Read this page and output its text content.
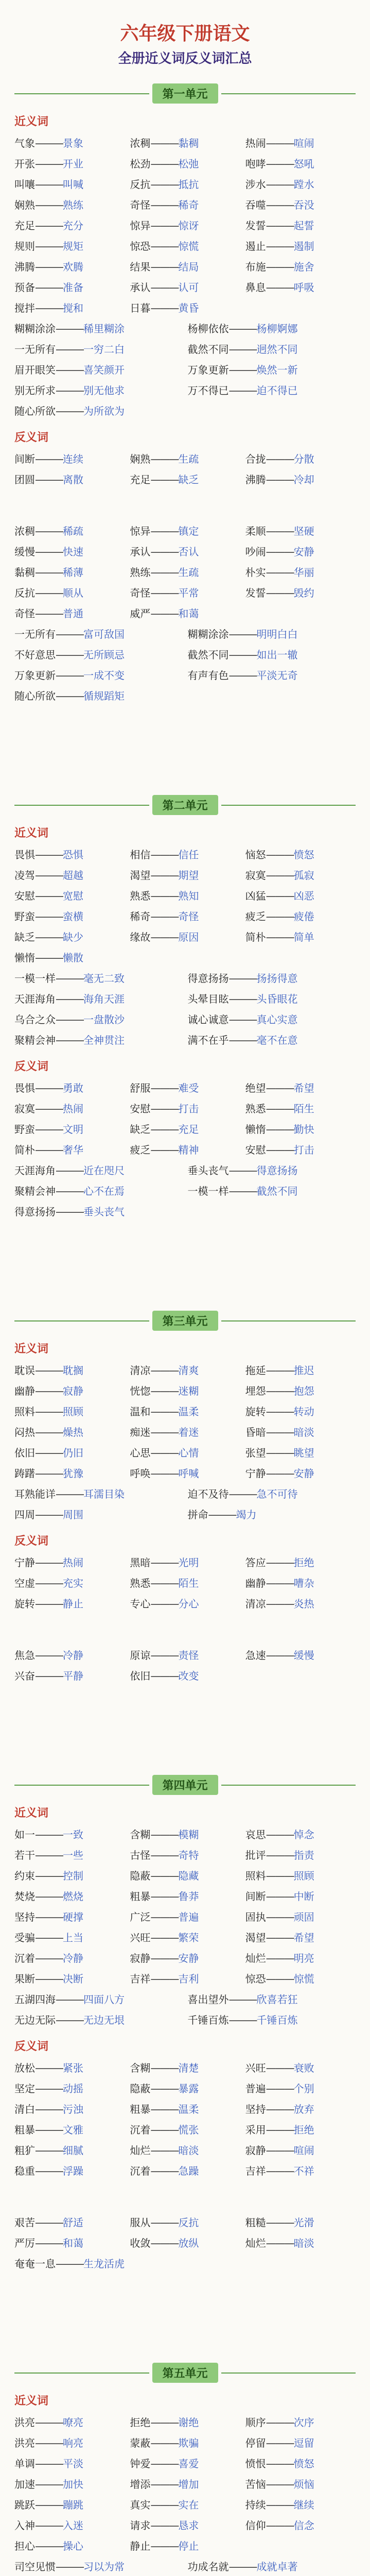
六年级下册语文
全册近义词反义词汇总
第一单元
近义词
气象———景象	浓稠———黏稠	热闹———喧闹
开张———开业	松劲———松弛	咆哮———怒吼
叫嚷———叫喊	反抗———抵抗	涉水———蹚水
娴熟———熟练	奇怪———稀奇	吞噬———吞没
充足———充分	惊异———惊讶	发誓———起誓
规则———规矩	惊恐———惊慌	遏止———遏制
沸腾———欢腾	结果———结局	布施———施舍
预备———准备	承认———认可	鼻息———呼吸
搅拌———搅和	日暮———黄昏
糊糊涂涂———稀里糊涂	杨柳依依———杨柳婀娜
一无所有———一穷二白	截然不同———迥然不同
眉开眼笑———喜笑颜开	万象更新———焕然一新
别无所求———别无他求	万不得已———迫不得已
随心所欲———为所欲为
反义词
间断———连续	娴熟———生疏	合拢———分散
团圆———离散	充足———缺乏	沸腾———冷却
浓稠———稀疏	惊异———镇定	柔顺———坚硬
缓慢———快速	承认———否认	吵闹———安静
黏稠———稀薄	熟练———生疏	朴实———华丽
反抗———顺从	奇怪———平常	发誓———毁约
奇怪———普通	威严———和蔼
一无所有———富可敌国	糊糊涂涂———明明白白
不好意思———无所顾忌	截然不同———如出一辙
万象更新———一成不变	有声有色———平淡无奇
随心所欲———循规蹈矩
第二单元
近义词
畏惧———恐惧	相信———信任	恼怒———愤怒
凌驾———超越	渴望———期望	寂寞———孤寂
安慰———宽慰	熟悉———熟知	凶猛———凶恶
野蛮———蛮横	稀奇———奇怪	疲乏———疲倦
缺乏———缺少	缘故———原因	简朴———简单
懒惰———懒散
一模一样———毫无二致	得意扬扬———扬扬得意
天涯海角———海角天涯	头晕目眩———头昏眼花
乌合之众———一盘散沙	诚心诚意———真心实意
聚精会神———全神贯注	满不在乎———毫不在意
反义词
畏惧———勇敢	舒服———难受	绝望———希望
寂寞———热闹	安慰———打击	熟悉———陌生
野蛮———文明	缺乏———充足	懒惰———勤快
简朴———奢华	疲乏———精神	安慰———打击
天涯海角———近在咫尺	垂头丧气———得意扬扬
聚精会神———心不在焉	一模一样———截然不同
得意扬扬———垂头丧气
第三单元
近义词
耽误———耽搁	清凉———清爽	拖延———推迟
幽静———寂静	恍惚———迷糊	埋怨———抱怨
照料———照顾	温和———温柔	旋转———转动
闷热———燥热	痴迷———着迷	昏暗———暗淡
依旧———仍旧	心思———心情	张望———眺望
踌躇———犹豫	呼唤———呼喊	宁静———安静
耳熟能详———耳濡目染	迫不及待———急不可待
四周———周围	拼命———竭力
反义词
宁静———热闹	黑暗———光明	答应———拒绝
空虚———充实	熟悉———陌生	幽静———嘈杂
旋转———静止	专心———分心	清凉———炎热
焦急———冷静	原谅———责怪	急速———缓慢
兴奋———平静	依旧———改变
第四单元
近义词
如一———一致	含糊———模糊	哀思———悼念
若干———一些	古怪———奇特	批评———指责
约束———控制	隐蔽———隐藏	照料———照顾
焚烧———燃烧	粗暴———鲁莽	间断———中断
坚持———硬撑	广泛———普遍	固执———顽固
受骗———上当	兴旺———繁荣	渴望———希望
沉着———冷静	寂静———安静	灿烂———明亮
果断———决断	吉祥———吉利	惊恐———惊慌
五湖四海———四面八方	喜出望外———欣喜若狂
无边无际———无边无垠	千锤百炼———千锤百炼
反义词
放松———紧张	含糊———清楚	兴旺———衰败
坚定———动摇	隐蔽———暴露	普遍———个别
清白———污浊	粗暴———温柔	坚持———放弃
粗暴———文雅	沉着———慌张	采用———拒绝
粗犷———细腻	灿烂———暗淡	寂静———喧闹
稳重———浮躁	沉着———急躁	吉祥———不祥
艰苦———舒适	服从———反抗	粗糙———光滑
严厉———和蔼	收敛———放纵	灿烂———暗淡
奄奄一息———生龙活虎
第五单元
近义词
洪亮———嘹亮	拒绝———谢绝	顺序———次序
洪亮———响亮	蒙蔽———欺骗	停留———逗留
单调———平淡	钟爱———喜爱	愤恨———愤怒
加速———加快	增添———增加	苦恼———烦恼
跳跃———蹦跳	真实———实在	持续———继续
入神———入迷	请求———恳求	信仰———信念
担心———操心	静止———停止
司空见惯———习以为常	功成名就———成就卓著
